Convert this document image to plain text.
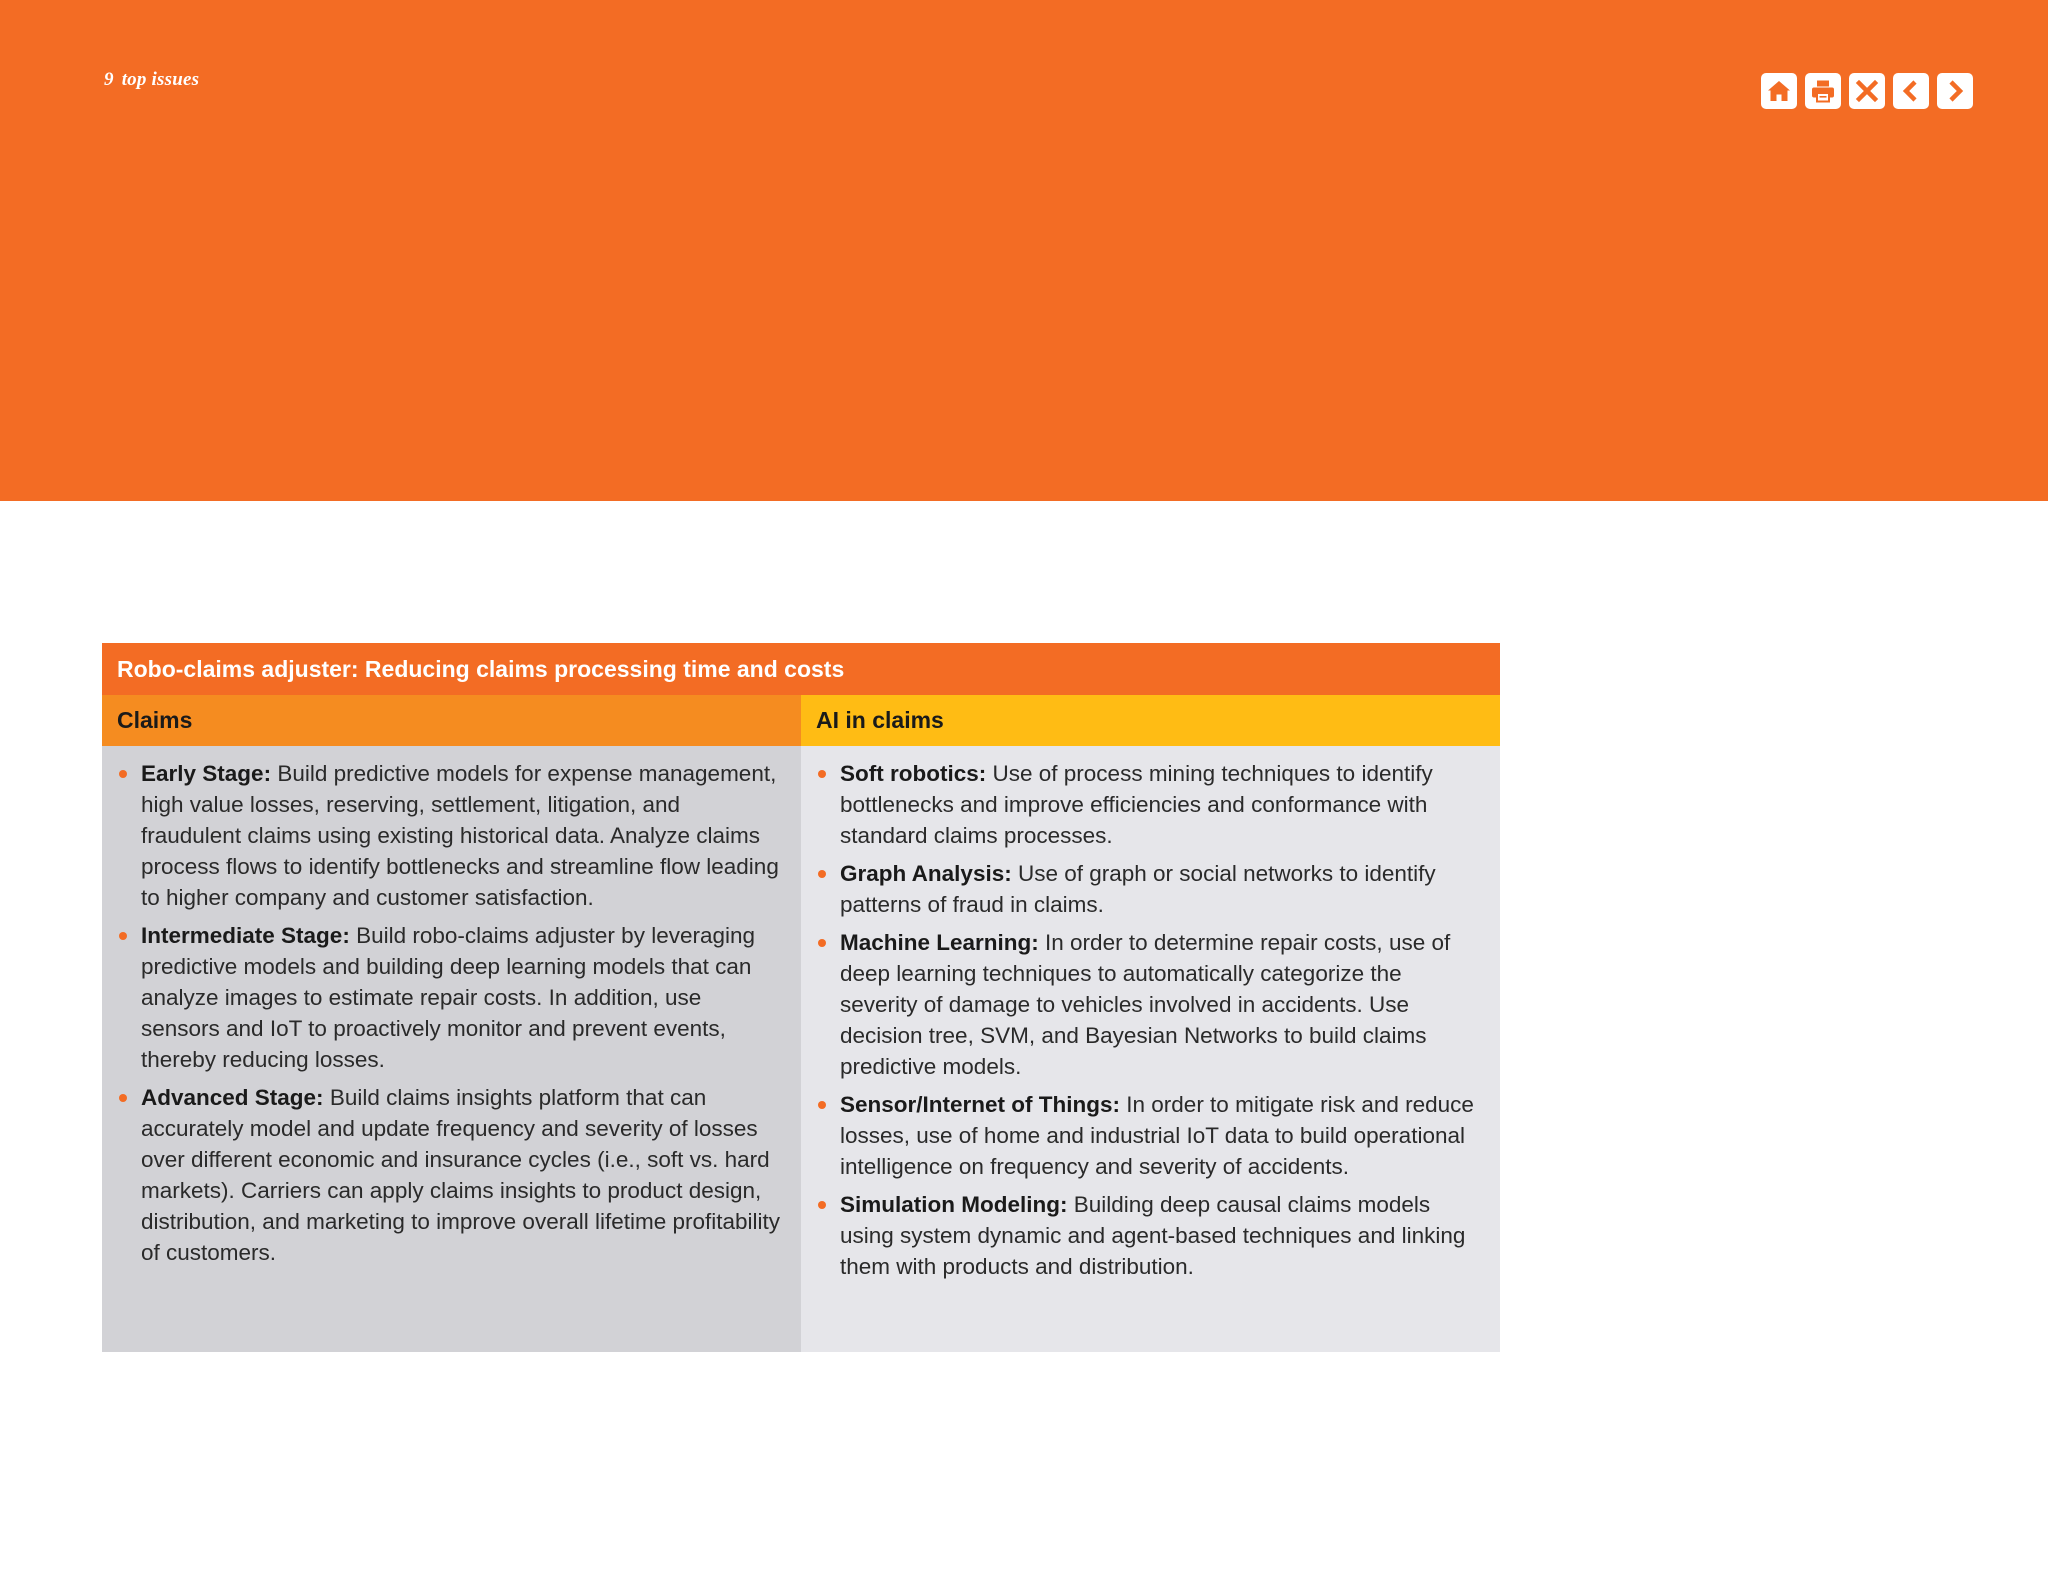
9 top issues
Robo-claims adjuster: Reducing claims processing time and costs
Claims
Early Stage: Build predictive models for expense management, high value losses, reserving, settlement, litigation, and fraudulent claims using existing historical data. Analyze claims process flows to identify bottlenecks and streamline flow leading to higher company and customer satisfaction.
Intermediate Stage: Build robo-claims adjuster by leveraging predictive models and building deep learning models that can analyze images to estimate repair costs. In addition, use sensors and IoT to proactively monitor and prevent events, thereby reducing losses.
Advanced Stage: Build claims insights platform that can accurately model and update frequency and severity of losses over different economic and insurance cycles (i.e., soft vs. hard markets). Carriers can apply claims insights to product design, distribution, and marketing to improve overall lifetime profitability of customers.
AI in claims
Soft robotics: Use of process mining techniques to identify bottlenecks and improve efficiencies and conformance with standard claims processes.
Graph Analysis: Use of graph or social networks to identify patterns of fraud in claims.
Machine Learning: In order to determine repair costs, use of deep learning techniques to automatically categorize the severity of damage to vehicles involved in accidents. Use decision tree, SVM, and Bayesian Networks to build claims predictive models.
Sensor/Internet of Things: In order to mitigate risk and reduce losses, use of home and industrial IoT data to build operational intelligence on frequency and severity of accidents.
Simulation Modeling: Building deep causal claims models using system dynamic and agent-based techniques and linking them with products and distribution.
